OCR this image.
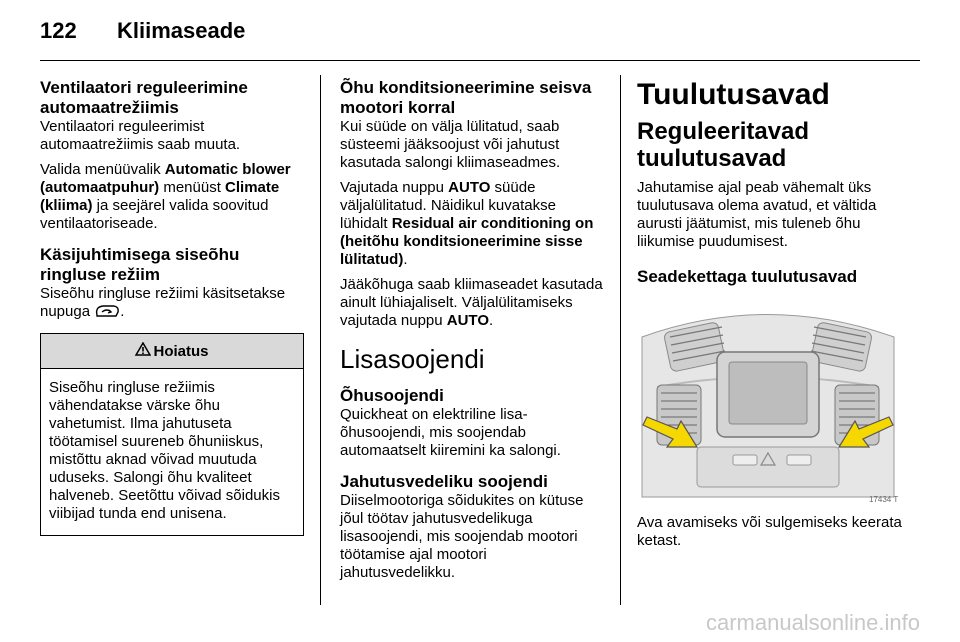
122 Kliimaseade
Ventilaatori reguleerimine automaatrežiimis

Ventilaatori reguleerimist automaatrežiimis saab muuta.

Valida menüüvalik Automatic blower (automaatpuhur) menüüst Climate (kliima) ja seejärel valida soovitud ventilaatoriseade.

Käsijuhtimisega siseõhu ringluse režiim

Siseõhu ringluse režiimi käsitsetakse nupuga .

Hoiatus
Siseõhu ringluse režiimis vähendatakse värske õhu vahetumist. Ilma jahutuseta töötamisel suureneb õhuniiskus, mistõttu aknad võivad muutuda uduseks. Salongi õhu kvaliteet halveneb. Seetõttu võivad sõidukis viibijad tunda end unisena.
Õhu konditsioneerimine seisva mootori korral

Kui süüde on välja lülitatud, saab süsteemi jääksoojust või jahutust kasutada salongi kliimaseadmes.

Vajutada nuppu AUTO süüde väljalülitatud. Näidikul kuvatakse lühidalt Residual air conditioning on (heitõhu konditsioneerimine sisse lülitatud).

Jääkõhuga saab kliimaseadet kasutada ainult lühiajaliselt. Väljalülitamiseks vajutada nuppu AUTO.

Lisasoojendi
Õhusoojendi

Quickheat on elektriline lisa-õhusoojendi, mis soojendab automaatselt kiiremini ka salongi.

Jahutusvedeliku soojendi

Diiselmootoriga sõidukites on kütuse jõul töötav jahutusvedelikuga lisasoojendi, mis soojendab mootori töötamise ajal mootori jahutusvedelikku.

Tuulutusavad
Reguleeritavad tuulutusavad

Jahutamise ajal peab vähemalt üks tuulutusava olema avatud, et vältida aurusti jäätumist, mis tuleneb õhu liikumise puudumisest.

Seadekettaga tuulutusavad
17434 T

Ava avamiseks või sulgemiseks keerata ketast.

carmanualsonline.info
